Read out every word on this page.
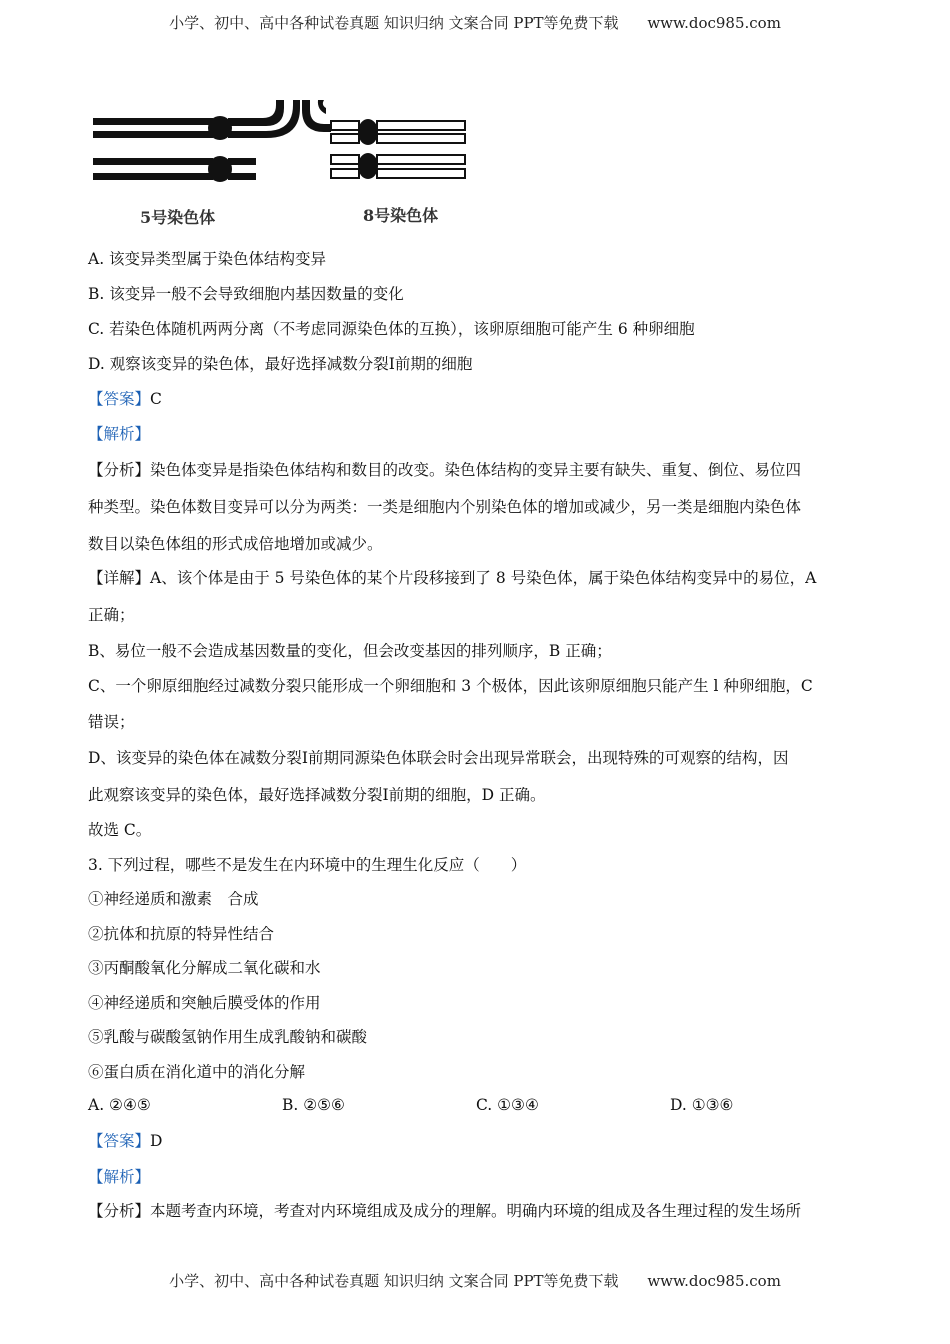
小学、初中、高中各种试卷真题 知识归纳 文案合同 PPT等免费下载 www.doc985.com
5号染色体	8号染色体
A. 该变异类型属于染色体结构变异
B. 该变异一般不会导致细胞内基因数量的变化
C. 若染色体随机两两分离（不考虑同源染色体的互换），该卵原细胞可能产生 6 种卵细胞
D. 观察该变异的染色体，最好选择减数分裂Ⅰ前期的细胞
【答案】C
【解析】
【分析】染色体变异是指染色体结构和数目的改变。染色体结构的变异主要有缺失、重复、倒位、易位四
种类型。染色体数目变异可以分为两类：一类是细胞内个别染色体的增加或减少，另一类是细胞内染色体
数目以染色体组的形式成倍地增加或减少。
【详解】A、该个体是由于 5 号染色体的某个片段移接到了 8 号染色体，属于染色体结构变异中的易位，A
正确；
B、易位一般不会造成基因数量的变化，但会改变基因的排列顺序，B 正确；
C、一个卵原细胞经过减数分裂只能形成一个卵细胞和 3 个极体，因此该卵原细胞只能产生 l 种卵细胞，C
错误；
D、该变异的染色体在减数分裂Ⅰ前期同源染色体联会时会出现异常联会，出现特殊的可观察的结构，因
此观察该变异的染色体，最好选择减数分裂Ⅰ前期的细胞，D 正确。
故选 C。
3. 下列过程，哪些不是发生在内环境中的生理生化反应（　　）
①神经递质和激素　合成
②抗体和抗原的特异性结合
③丙酮酸氧化分解成二氧化碳和水
④神经递质和突触后膜受体的作用
⑤乳酸与碳酸氢钠作用生成乳酸钠和碳酸
⑥蛋白质在消化道中的消化分解
A. ②④⑤	B. ②⑤⑥	C. ①③④	D. ①③⑥
【答案】D
【解析】
【分析】本题考查内环境，考查对内环境组成及成分的理解。明确内环境的组成及各生理过程的发生场所
小学、初中、高中各种试卷真题 知识归纳 文案合同 PPT等免费下载 www.doc985.com
